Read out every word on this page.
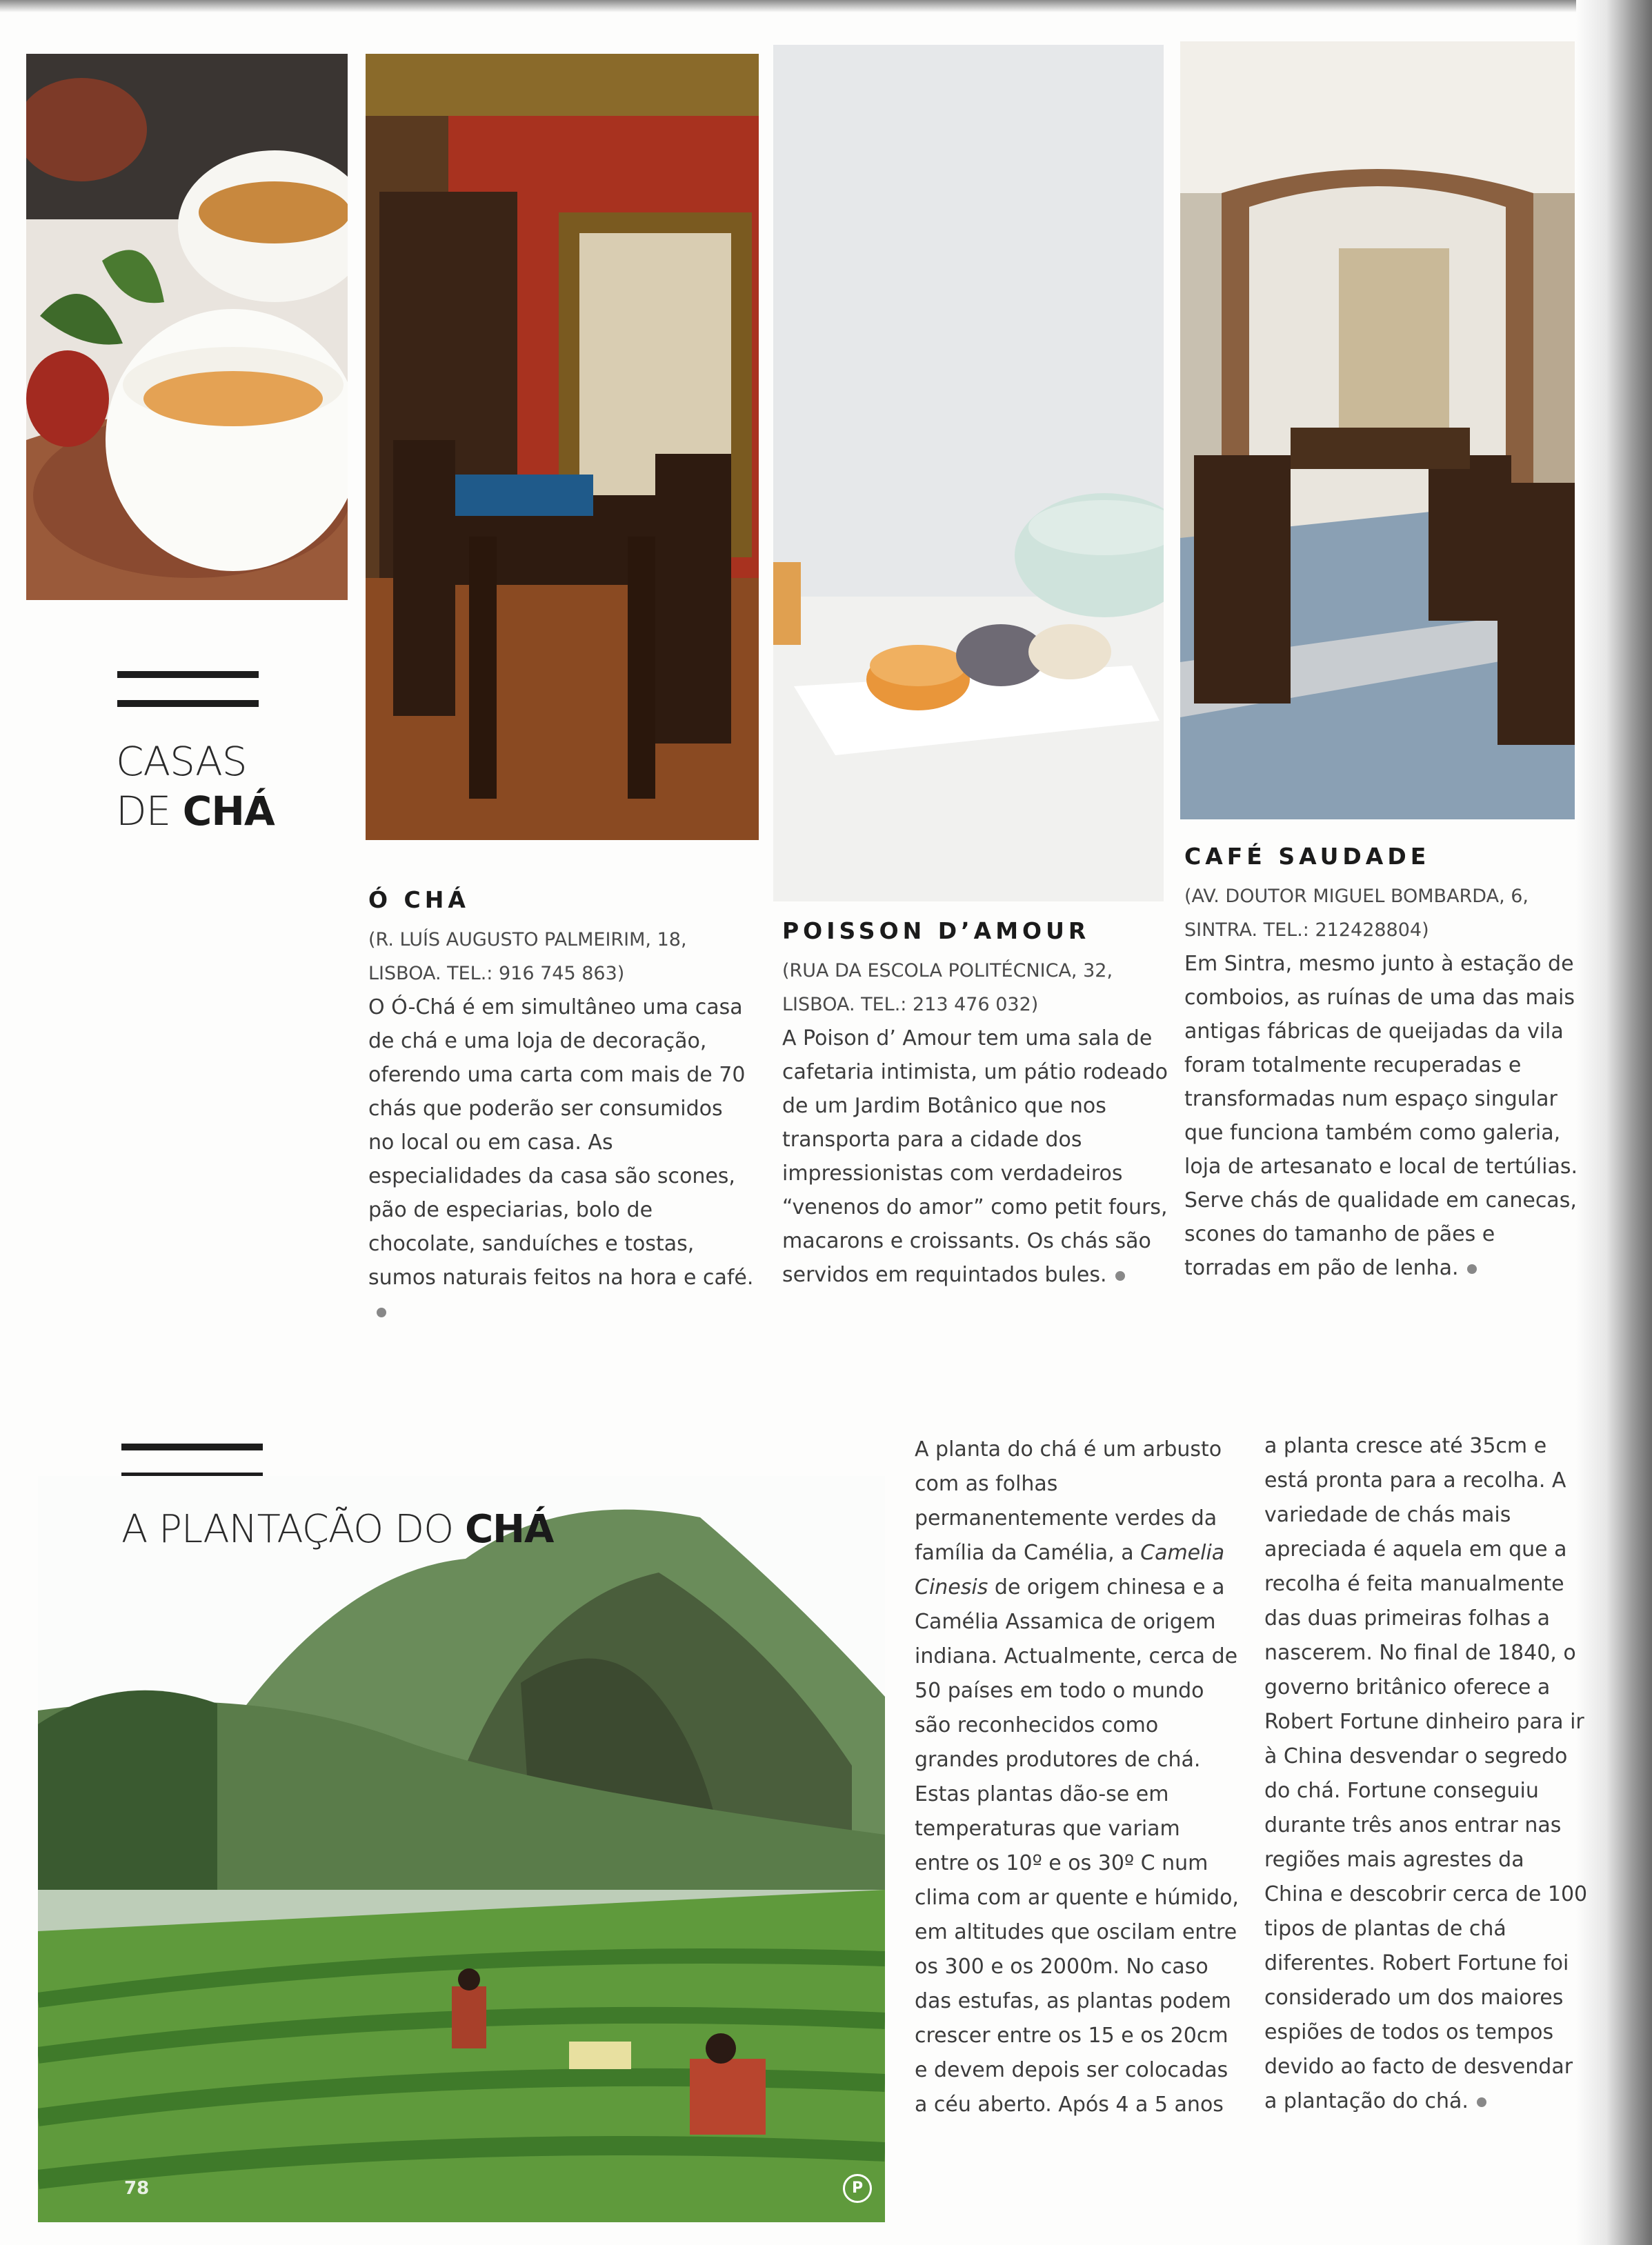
CASAS
DE CHÁ
Ó CHÁ
(R. LUÍS AUGUSTO PALMEIRIM, 18, LISBOA. TEL.: 916 745 863)
O Ó-Chá é em simultâneo uma casa de chá e uma loja de decoração, oferendo uma carta com mais de 70 chás que poderão ser consumidos no local ou em casa. As especialidades da casa são scones, pão de especiarias, bolo de chocolate, sanduíches e tostas, sumos naturais feitos na hora e café.
POISSON D’AMOUR
(RUA DA ESCOLA POLITÉCNICA, 32, LISBOA. TEL.: 213 476 032)
A Poison d’ Amour tem uma sala de cafetaria intimista, um pátio rodeado de um Jardim Botânico que nos transporta para a cidade dos impressionistas com verdadeiros “venenos do amor” como petit fours, macarons e croissants. Os chás são servidos em requintados bules.
CAFÉ SAUDADE
(AV. DOUTOR MIGUEL BOMBARDA, 6, SINTRA. TEL.: 212428804)
Em Sintra, mesmo junto à estação de comboios, as ruínas de uma das mais antigas fábricas de queijadas da vila foram totalmente recuperadas e transformadas num espaço singular que funciona também como galeria, loja de artesanato e local de tertúlias. Serve chás de qualidade em canecas, scones do tamanho de pães e torradas em pão de lenha.
A PLANTAÇÃO DO CHÁ
78	P
A planta do chá é um arbusto com as folhas permanentemente verdes da família da Camélia, a Camelia Cinesis de origem chinesa e a Camélia Assamica de origem indiana. Actualmente, cerca de 50 países em todo o mundo são reconhecidos como grandes produtores de chá. Estas plantas dão-se em temperaturas que variam entre os 10º e os 30º C num clima com ar quente e húmido, em altitudes que oscilam entre os 300 e os 2000m. No caso das estufas, as plantas podem crescer entre os 15 e os 20cm e devem depois ser colocadas a céu aberto. Após 4 a 5 anos
a planta cresce até 35cm e está pronta para a recolha. A variedade de chás mais apreciada é aquela em que a recolha é feita manualmente das duas primeiras folhas a nascerem. No final de 1840, o governo britânico oferece a Robert Fortune dinheiro para ir à China desvendar o segredo do chá. Fortune conseguiu durante três anos entrar nas regiões mais agrestes da China e descobrir cerca de 100 tipos de plantas de chá diferentes. Robert Fortune foi considerado um dos maiores espiões de todos os tempos devido ao facto de desvendar a plantação do chá.
